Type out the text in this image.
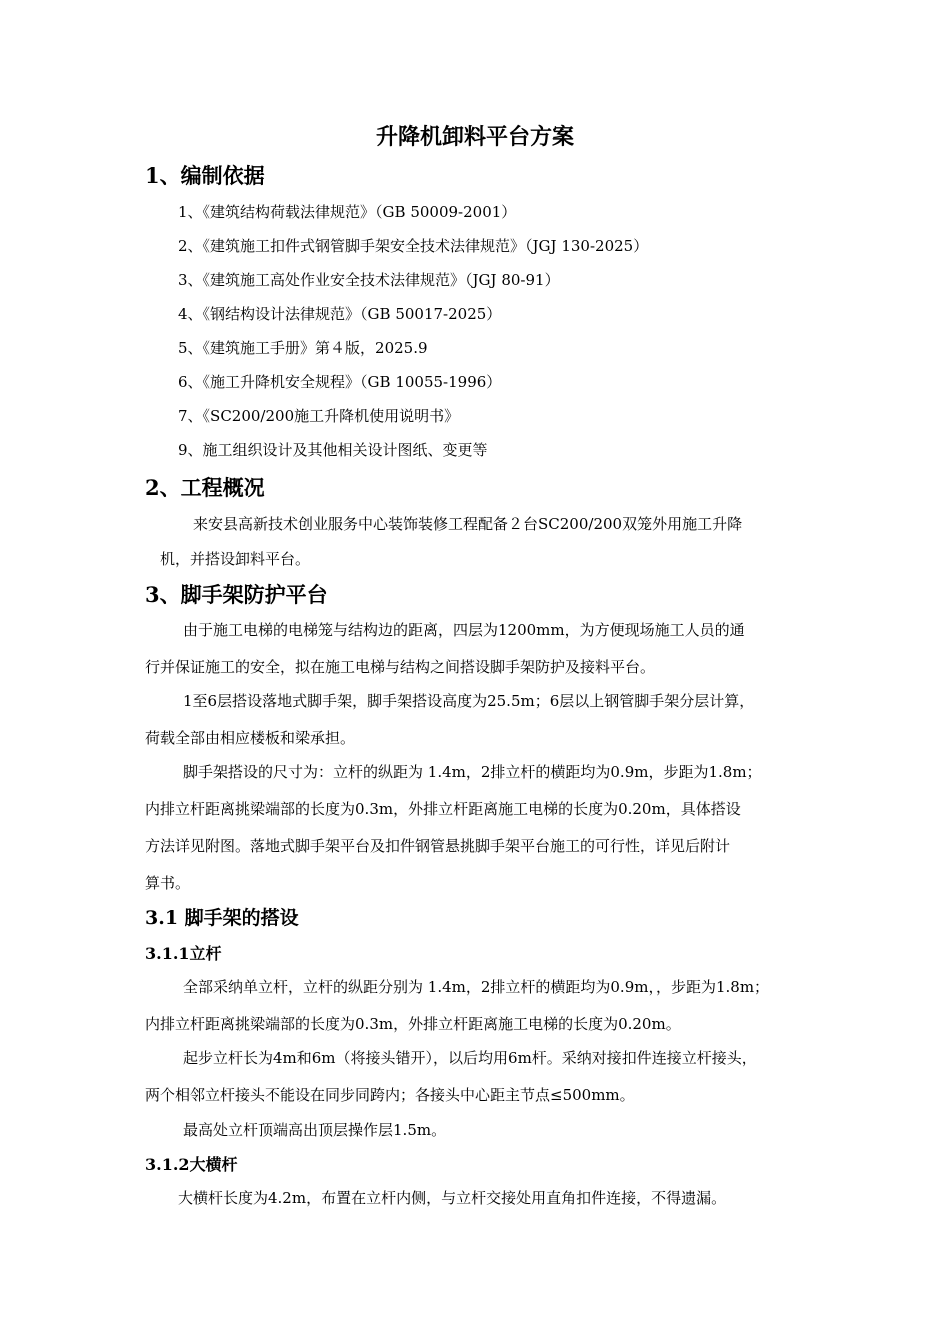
升降机卸料平台方案
1、编制依据
1、《建筑结构荷载法律规范》（GB 50009-2001）
2、《建筑施工扣件式钢管脚手架安全技术法律规范》（JGJ 130-2025）
3、《建筑施工高处作业安全技术法律规范》（JGJ 80-91）
4、《钢结构设计法律规范》（GB 50017-2025）
5、《建筑施工手册》第４版，2025.9
6、《施工升降机安全规程》（GB 10055-1996）
7、《SC200/200施工升降机使用说明书》
9、施工组织设计及其他相关设计图纸、变更等
2、工程概况
来安县高新技术创业服务中心装饰装修工程配备２台SC200/200双笼外用施工升降
机，并搭设卸料平台。
3、脚手架防护平台
由于施工电梯的电梯笼与结构边的距离，四层为1200mm，为方便现场施工人员的通
行并保证施工的安全，拟在施工电梯与结构之间搭设脚手架防护及接料平台。
1至6层搭设落地式脚手架，脚手架搭设高度为25.5m；6层以上钢管脚手架分层计算，
荷载全部由相应楼板和梁承担。
脚手架搭设的尺寸为：立杆的纵距为 1.4m，2排立杆的横距均为0.9m，步距为1.8m；
内排立杆距离挑梁端部的长度为0.3m，外排立杆距离施工电梯的长度为0.20m，具体搭设
方法详见附图。落地式脚手架平台及扣件钢管悬挑脚手架平台施工的可行性，详见后附计
算书。
3.1 脚手架的搭设
3.1.1立杆
全部采纳单立杆，立杆的纵距分别为 1.4m，2排立杆的横距均为0.9m，，步距为1.8m；
内排立杆距离挑梁端部的长度为0.3m，外排立杆距离施工电梯的长度为0.20m。
起步立杆长为4m和6m（将接头错开），以后均用6m杆。采纳对接扣件连接立杆接头，
两个相邻立杆接头不能设在同步同跨内；各接头中心距主节点≤500mm。
最高处立杆顶端高出顶层操作层1.5m。
3.1.2大横杆
大横杆长度为4.2m，布置在立杆内侧，与立杆交接处用直角扣件连接，不得遗漏。
